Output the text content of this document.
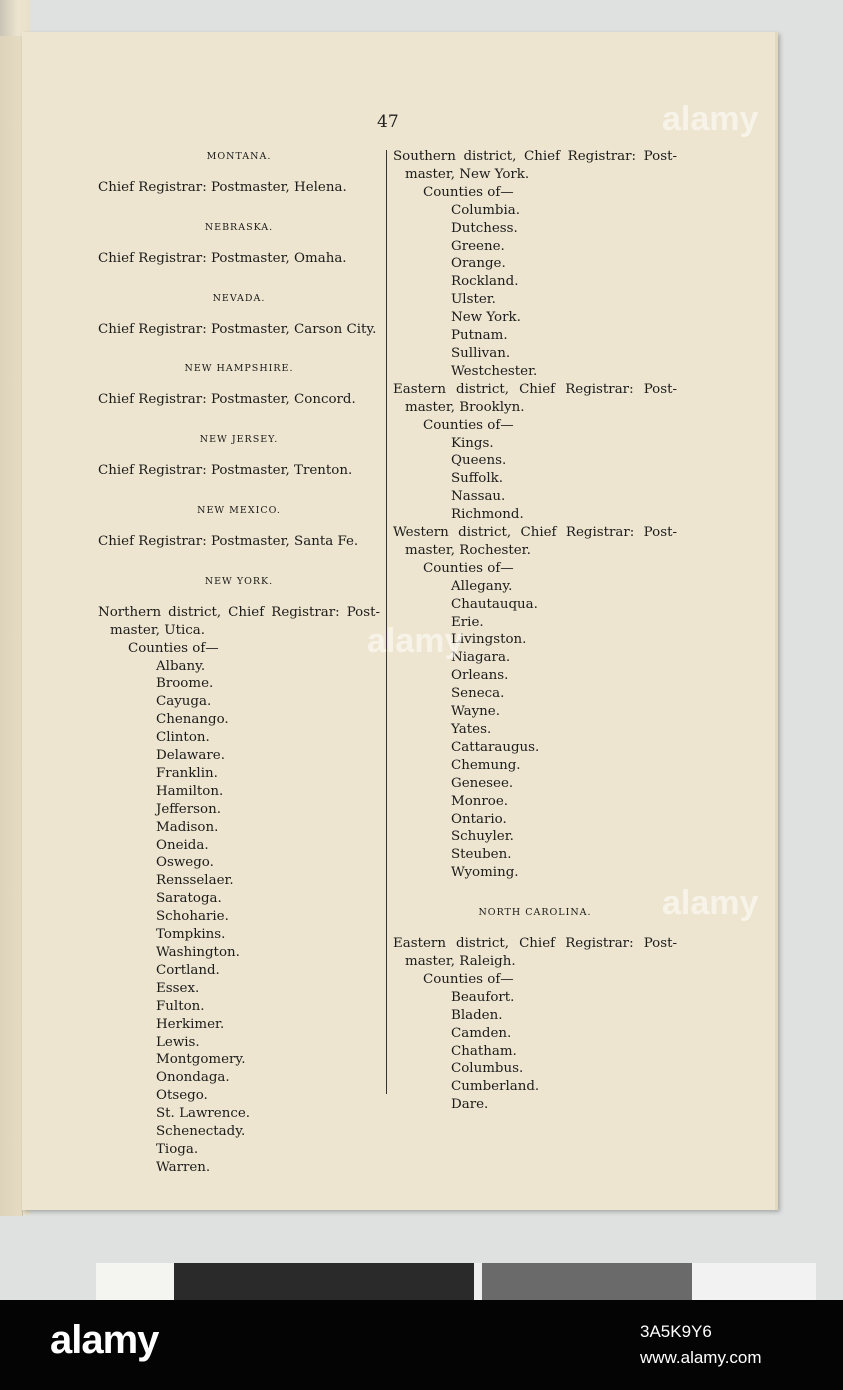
47
MONTANA.
Chief Registrar: Postmaster, Helena.
NEBRASKA.
Chief Registrar: Postmaster, Omaha.
NEVADA.
Chief Registrar: Postmaster, Carson City.
NEW HAMPSHIRE.
Chief Registrar: Postmaster, Concord.
NEW JERSEY.
Chief Registrar: Postmaster, Trenton.
NEW MEXICO.
Chief Registrar: Postmaster, Santa Fe.
NEW YORK.
Northern district, Chief Registrar: Post-
master, Utica.
Counties of—
Albany.
Broome.
Cayuga.
Chenango.
Clinton.
Delaware.
Franklin.
Hamilton.
Jefferson.
Madison.
Oneida.
Oswego.
Rensselaer.
Saratoga.
Schoharie.
Tompkins.
Washington.
Cortland.
Essex.
Fulton.
Herkimer.
Lewis.
Montgomery.
Onondaga.
Otsego.
St. Lawrence.
Schenectady.
Tioga.
Warren.
Southern district, Chief Registrar: Post-
master, New York.
Counties of—
Columbia.
Dutchess.
Greene.
Orange.
Rockland.
Ulster.
New York.
Putnam.
Sullivan.
Westchester.
Eastern district, Chief Registrar: Post-
master, Brooklyn.
Counties of—
Kings.
Queens.
Suffolk.
Nassau.
Richmond.
Western district, Chief Registrar: Post-
master, Rochester.
Counties of—
Allegany.
Chautauqua.
Erie.
Livingston.
Niagara.
Orleans.
Seneca.
Wayne.
Yates.
Cattaraugus.
Chemung.
Genesee.
Monroe.
Ontario.
Schuyler.
Steuben.
Wyoming.
NORTH CAROLINA.
Eastern district, Chief Registrar: Post-
master, Raleigh.
Counties of—
Beaufort.
Bladen.
Camden.
Chatham.
Columbus.
Cumberland.
Dare.
alamy
alamy
alamy
alamy	3A5K9Y6
www.alamy.com
